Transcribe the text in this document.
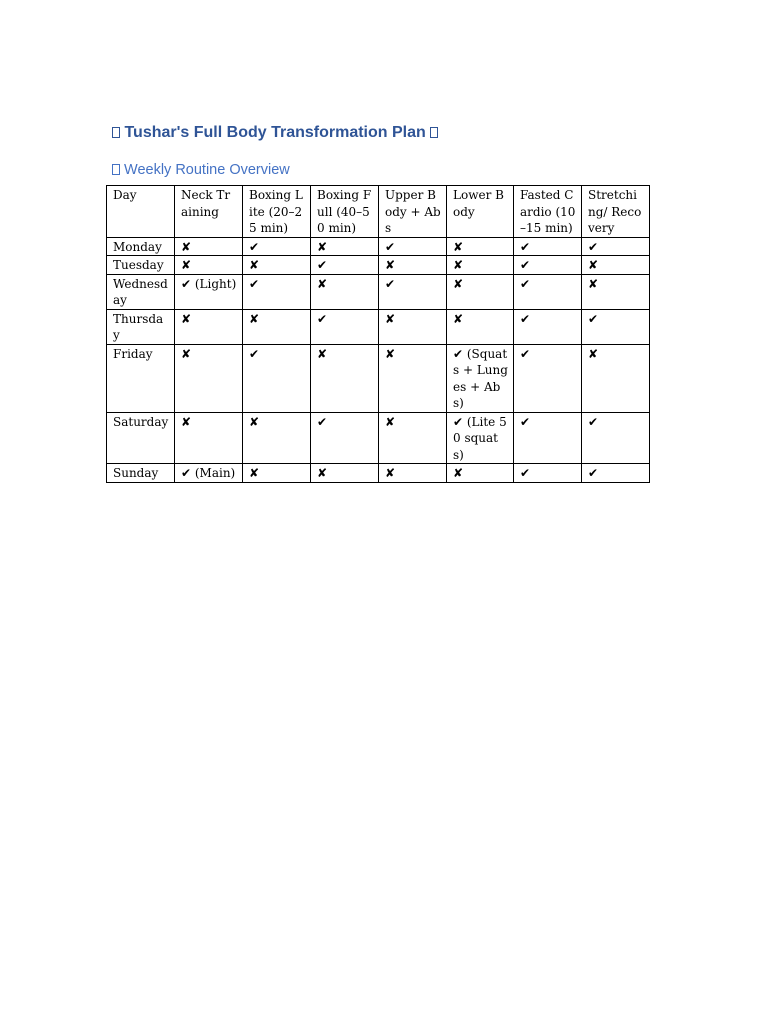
Tushar's Full Body Transformation Plan
Weekly Routine Overview
Day	Neck Training	Boxing Lite (20–25 min)	Boxing Full (40–50 min)	Upper Body + Abs	Lower Body	Fasted Cardio (10–15 min)	Stretching/ Recovery
Monday	✘	✔	✘	✔	✘	✔	✔
Tuesday	✘	✘	✔	✘	✘	✔	✘
Wednesday	✔ (Light)	✔	✘	✔	✘	✔	✘
Thursday	✘	✘	✔	✘	✘	✔	✔
Friday	✘	✔	✘	✘	✔ (Squats + Lunges + Abs)	✔	✘
Saturday	✘	✘	✔	✘	✔ (Lite 50 squats)	✔	✔
Sunday	✔ (Main)	✘	✘	✘	✘	✔	✔
